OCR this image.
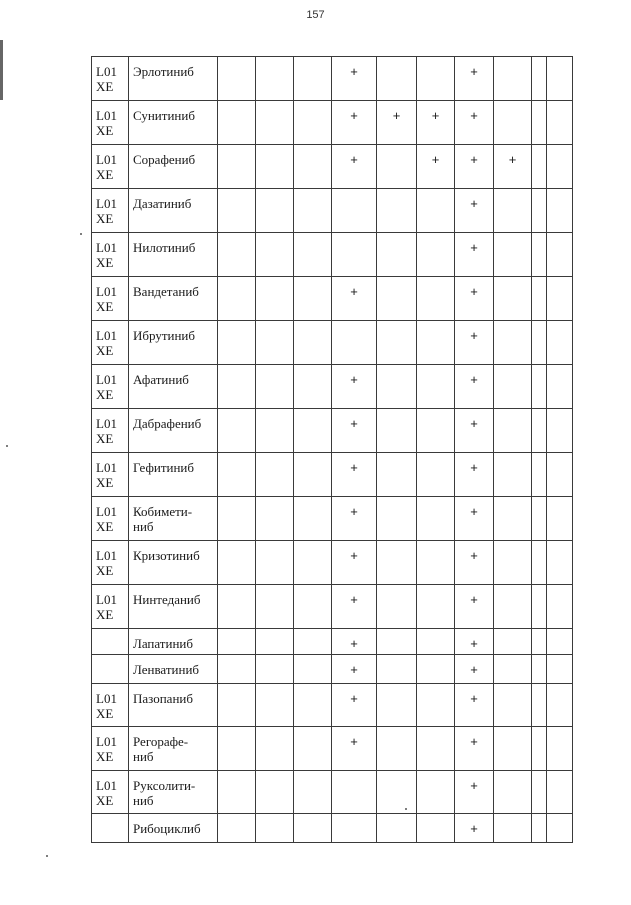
157
L01
XE	Эрлотиниб				+			+			

L01
XE	Сунитиниб				+	+	+	+			

L01
XE	Сорафениб				+		+	+	+		

L01
XE	Дазатиниб							+			

L01
XE	Нилотиниб							+			

L01
XE	Вандетаниб				+			+			

L01
XE	Ибрутиниб							+			

L01
XE	Афатиниб				+			+			

L01
XE	Дабрафениб				+			+			

L01
XE	Гефитиниб				+			+			

L01
XE	Кобимети-
ниб				+			+			

L01
XE	Кризотиниб				+			+			

L01
XE	Нинтеданиб				+			+			

	Лапатиниб				+			+			

	Ленватиниб				+			+			

L01
XE	Пазопаниб				+			+			

L01
XE	Регорафе-
ниб				+			+			

L01
XE	Руксолити-
ниб							+			

	Рибоциклиб							+			
